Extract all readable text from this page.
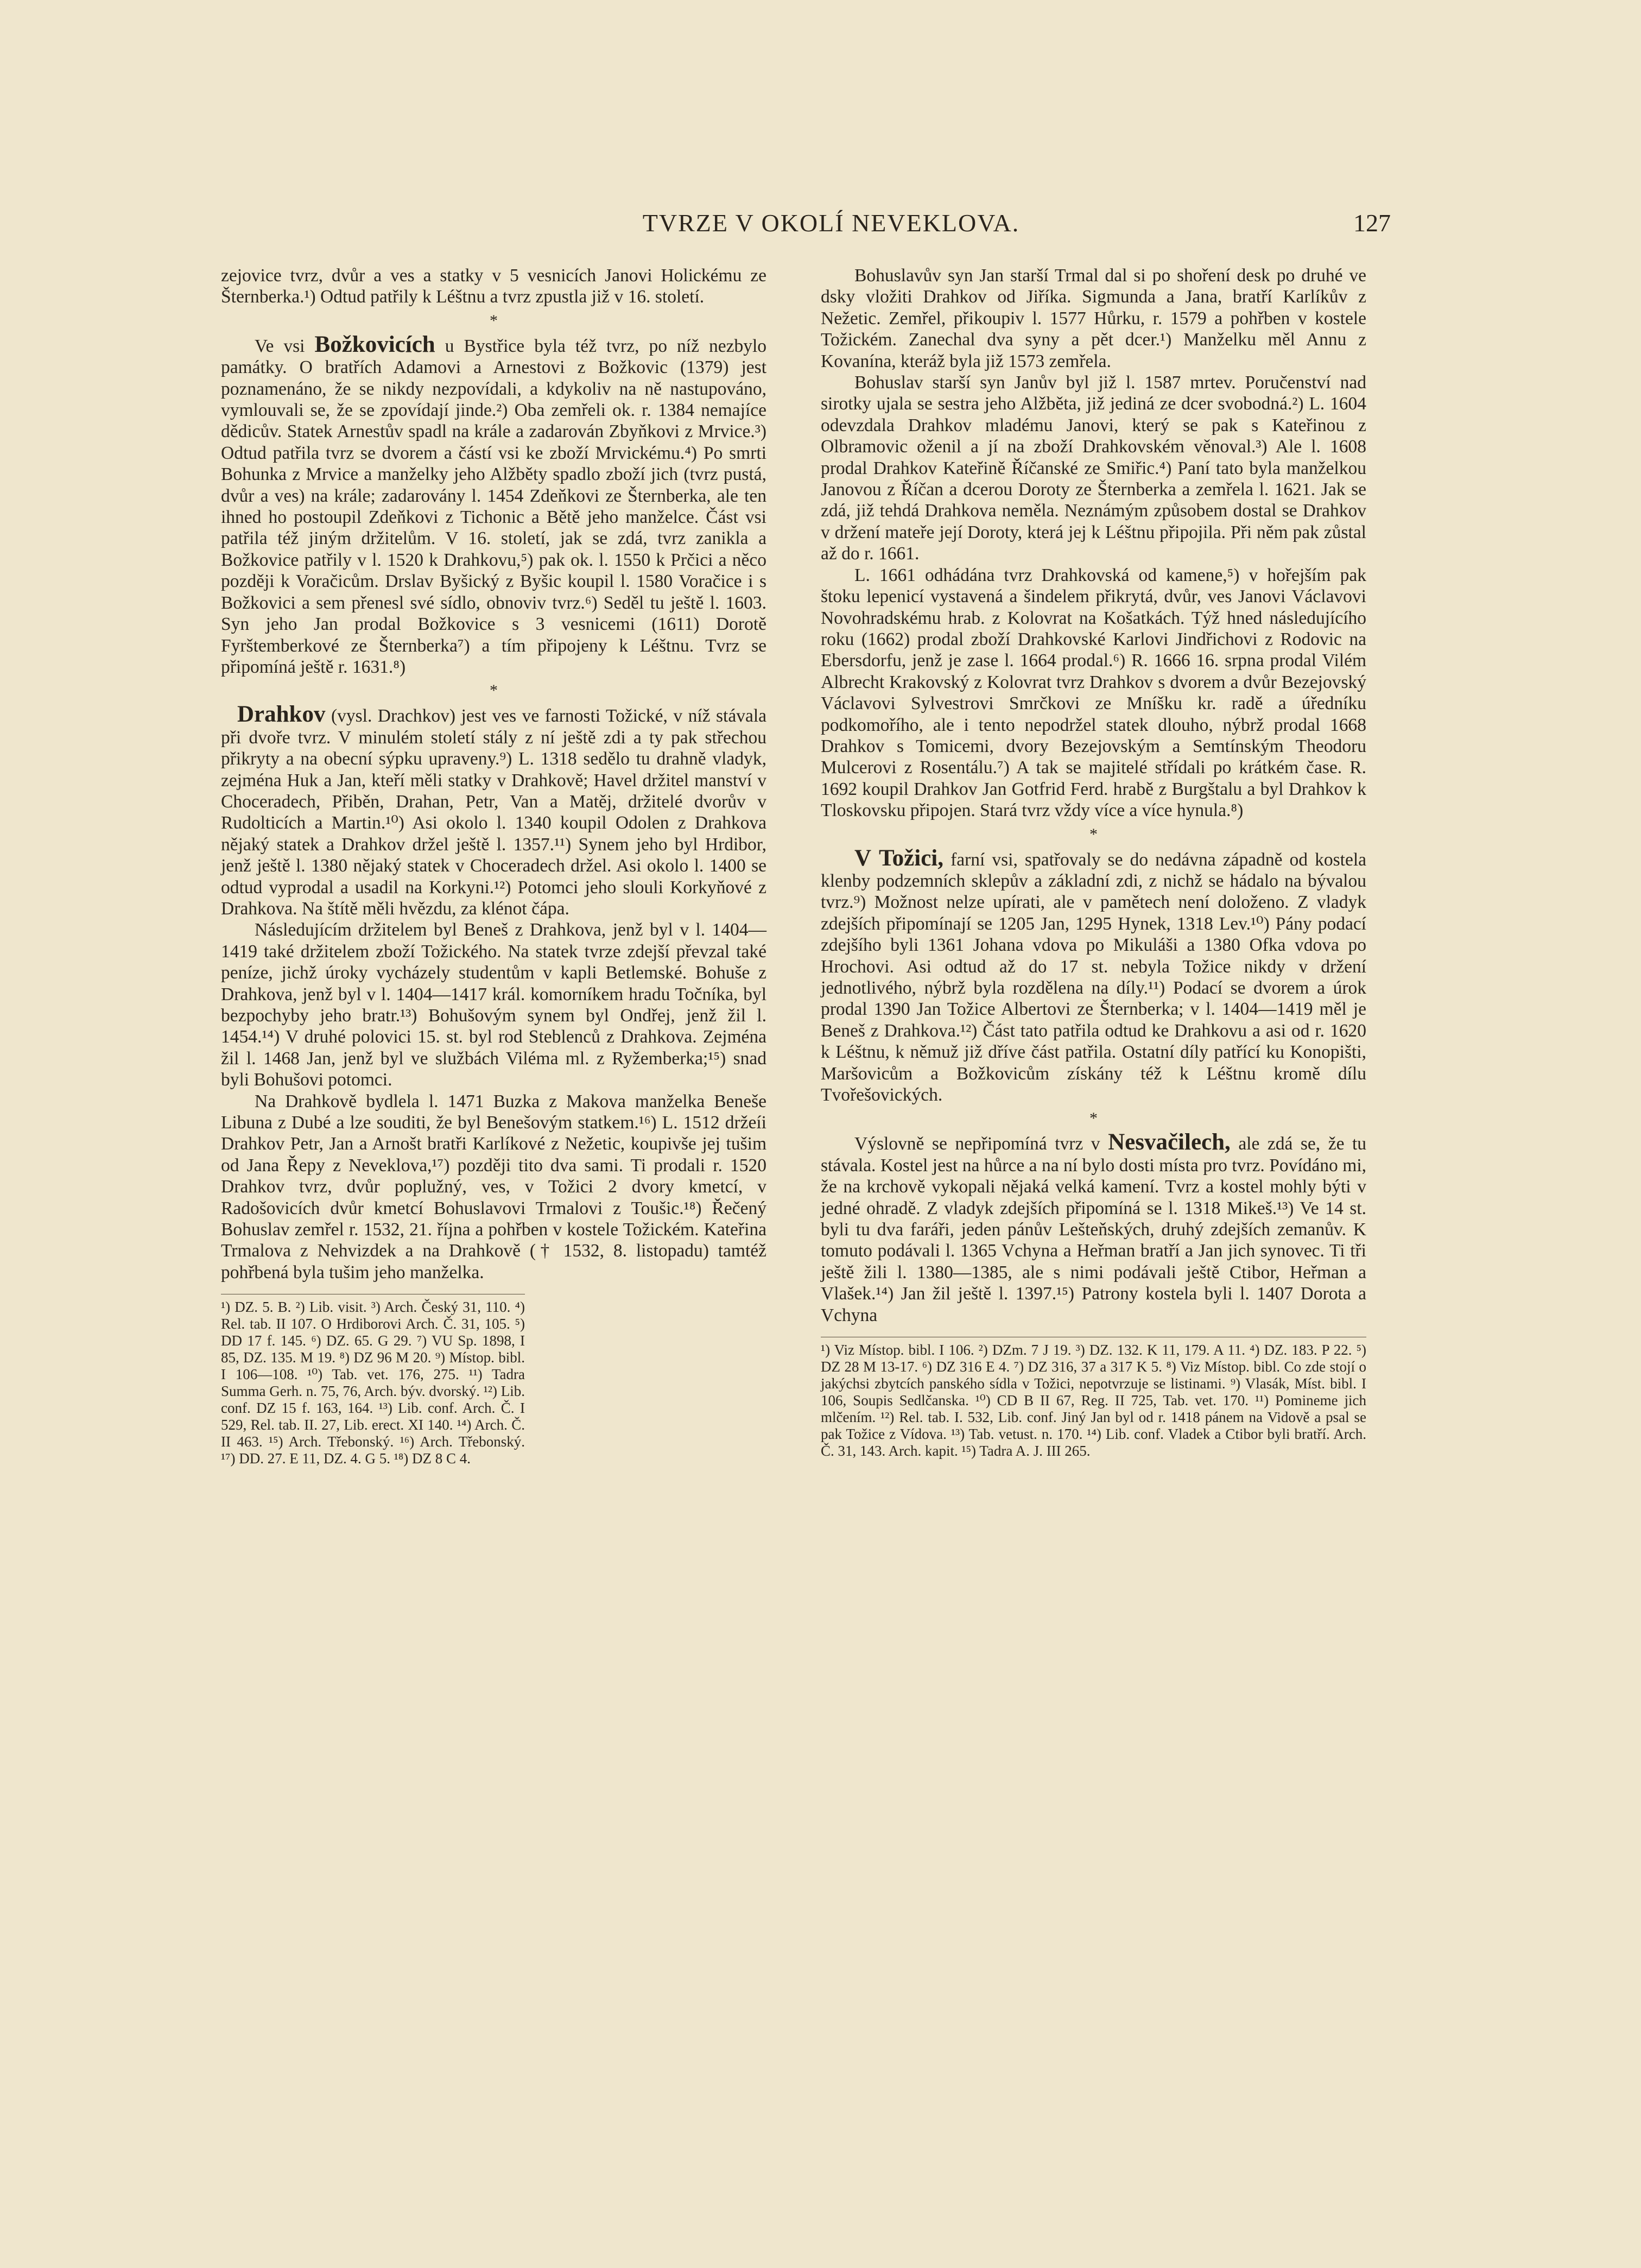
TVRZE V OKOLÍ NEVEKLOVA.	127

zejovice tvrz, dvůr a ves a statky v 5 vesnicích Janovi Holickému ze Šternberka.¹) Odtud patřily k Léštnu a tvrz zpustla již v 16. století.

*

Ve vsi Božkovicích u Bystřice byla též tvrz, po níž nezbylo památky. O bratřích Adamovi a Arnestovi z Božkovic (1379) jest poznamenáno, že se nikdy nezpovídali, a kdykoliv na ně nastupováno, vymlouvali se, že se zpovídají jinde.²) Oba zemřeli ok. r. 1384 nemajíce dědicův. Statek Arnestův spadl na krále a zadarován Zbyňkovi z Mrvice.³) Odtud patřila tvrz se dvorem a částí vsi ke zboží Mrvickému.⁴) Po smrti Bohunka z Mrvice a manželky jeho Alžběty spadlo zboží jich (tvrz pustá, dvůr a ves) na krále; zadarovány l. 1454 Zdeňkovi ze Šternberka, ale ten ihned ho postoupil Zdeňkovi z Tichonic a Bětě jeho manželce. Část vsi patřila též jiným držitelům. V 16. století, jak se zdá, tvrz zanikla a Božkovice patřily v l. 1520 k Drahkovu,⁵) pak ok. l. 1550 k Prčici a něco později k Voračicům. Drslav Byšický z Byšic koupil l. 1580 Voračice i s Božkovici a sem přenesl své sídlo, obnoviv tvrz.⁶) Seděl tu ještě l. 1603. Syn jeho Jan prodal Božkovice s 3 vesnicemi (1611) Dorotě Fyrštemberkové ze Šternberka⁷) a tím připojeny k Léštnu. Tvrz se připomíná ještě r. 1631.⁸)

*

Drahkov (vysl. Drachkov) jest ves ve farnosti Tožické, v níž stávala při dvoře tvrz. V minulém století stály z ní ještě zdi a ty pak střechou přikryty a na obecní sýpku upraveny.⁹) L. 1318 sedělo tu drahně vladyk, zejména Huk a Jan, kteří měli statky v Drahkově; Havel držitel manství v Choceradech, Přiběn, Drahan, Petr, Van a Matěj, držitelé dvorův v Rudolticích a Martin.¹⁰) Asi okolo l. 1340 koupil Odolen z Drahkova nějaký statek a Drahkov držel ještě l. 1357.¹¹) Synem jeho byl Hrdibor, jenž ještě l. 1380 nějaký statek v Choceradech držel. Asi okolo l. 1400 se odtud vyprodal a usadil na Korkyni.¹²) Potomci jeho slouli Korkyňové z Drahkova. Na štítě měli hvězdu, za klénot čápa.

Následujícím držitelem byl Beneš z Drahkova, jenž byl v l. 1404—1419 také držitelem zboží Tožického. Na statek tvrze zdejší převzal také peníze, jichž úroky vycházely studentům v kapli Betlemské. Bohuše z Drahkova, jenž byl v l. 1404—1417 král. komorníkem hradu Točníka, byl bezpochyby jeho bratr.¹³) Bohušovým synem byl Ondřej, jenž žil l. 1454.¹⁴) V druhé polovici 15. st. byl rod Steblenců z Drahkova. Zejména žil l. 1468 Jan, jenž byl ve službách Viléma ml. z Ryžemberka;¹⁵) snad byli Bohušovi potomci.

Na Drahkově bydlela l. 1471 Buzka z Makova manželka Beneše Libuna z Dubé a lze souditi, že byl Benešovým statkem.¹⁶) L. 1512 držeíi Drahkov Petr, Jan a Arnošt bratři Karlíkové z Nežetic, koupivše jej tušim od Jana Řepy z Neveklova,¹⁷) později tito dva sami. Ti prodali r. 1520 Drahkov tvrz, dvůr poplužný, ves, v Tožici 2 dvory kmetcí, v Radošovicích dvůr kmetcí Bohuslavovi Trmalovi z Toušic.¹⁸) Řečený Bohuslav zemřel r. 1532, 21. října a pohřben v kostele Tožickém. Kateřina Trmalova z Nehvizdek a na Drahkově († 1532, 8. listopadu) tamtéž pohřbená byla tušim jeho manželka.

¹) DZ. 5. B. ²) Lib. visit. ³) Arch. Český 31, 110. ⁴) Rel. tab. II 107. O Hrdiborovi Arch. Č. 31, 105. ⁵) DD 17 f. 145. ⁶) DZ. 65. G 29. ⁷) VU Sp. 1898, I 85, DZ. 135. M 19. ⁸) DZ 96 M 20. ⁹) Místop. bibl. I 106—108. ¹⁰) Tab. vet. 176, 275. ¹¹) Tadra Summa Gerh. n. 75, 76, Arch. býv. dvorský. ¹²) Lib. conf. DZ 15 f. 163, 164. ¹³) Lib. conf. Arch. Č. I 529, Rel. tab. II. 27, Lib. erect. XI 140. ¹⁴) Arch. Č. II 463. ¹⁵) Arch. Třebonský. ¹⁶) Arch. Třebonský. ¹⁷) DD. 27. E 11, DZ. 4. G 5. ¹⁸) DZ 8 C 4.

Bohuslavův syn Jan starší Trmal dal si po shoření desk po druhé ve dsky vložiti Drahkov od Jiříka. Sigmunda a Jana, bratří Karlíkův z Nežetic. Zemřel, přikoupiv l. 1577 Hůrku, r. 1579 a pohřben v kostele Tožickém. Zanechal dva syny a pět dcer.¹) Manželku měl Annu z Kovanína, kteráž byla již 1573 zemřela.

Bohuslav starší syn Janův byl již l. 1587 mrtev. Poručenství nad sirotky ujala se sestra jeho Alžběta, již jediná ze dcer svobodná.²) L. 1604 odevzdala Drahkov mladému Janovi, který se pak s Kateřinou z Olbramovic oženil a jí na zboží Drahkovském věnoval.³) Ale l. 1608 prodal Drahkov Kateřině Říčanské ze Smiřic.⁴) Paní tato byla manželkou Janovou z Říčan a dcerou Doroty ze Šternberka a zemřela l. 1621. Jak se zdá, již tehdá Drahkova neměla. Neznámým způsobem dostal se Drahkov v držení mateře její Doroty, která jej k Léštnu připojila. Při něm pak zůstal až do r. 1661.

L. 1661 odhádána tvrz Drahkovská od kamene,⁵) v hořejším pak štoku lepenicí vystavená a šindelem přikrytá, dvůr, ves Janovi Václavovi Novohradskému hrab. z Kolovrat na Košatkách. Týž hned následujícího roku (1662) prodal zboží Drahkovské Karlovi Jindřichovi z Rodovic na Ebersdorfu, jenž je zase l. 1664 prodal.⁶) R. 1666 16. srpna prodal Vilém Albrecht Krakovský z Kolovrat tvrz Drahkov s dvorem a dvůr Bezejovský Václavovi Sylvestrovi Smrčkovi ze Mníšku kr. radě a úředníku podkomořího, ale i tento nepodržel statek dlouho, nýbrž prodal 1668 Drahkov s Tomicemi, dvory Bezejovským a Semtínským Theodoru Mulcerovi z Rosentálu.⁷) A tak se majitelé střídali po krátkém čase. R. 1692 koupil Drahkov Jan Gotfrid Ferd. hrabě z Burgštalu a byl Drahkov k Tloskovsku připojen. Stará tvrz vždy více a více hynula.⁸)

*

V Tožici, farní vsi, spatřovaly se do nedávna západně od kostela klenby podzemních sklepův a základní zdi, z nichž se hádalo na bývalou tvrz.⁹) Možnost nelze upírati, ale v pamětech není doloženo. Z vladyk zdejších připomínají se 1205 Jan, 1295 Hynek, 1318 Lev.¹⁰) Pány podací zdejšího byli 1361 Johana vdova po Mikuláši a 1380 Ofka vdova po Hrochovi. Asi odtud až do 17 st. nebyla Tožice nikdy v držení jednotlivého, nýbrž byla rozdělena na díly.¹¹) Podací se dvorem a úrok prodal 1390 Jan Tožice Albertovi ze Šternberka; v l. 1404—1419 měl je Beneš z Drahkova.¹²) Část tato patřila odtud ke Drahkovu a asi od r. 1620 k Léštnu, k němuž již dříve část patřila. Ostatní díly patřící ku Konopišti, Maršovicům a Božkovicům získány též k Léštnu kromě dílu Tvořešovických.

*

Výslovně se nepřipomíná tvrz v Nesvačilech, ale zdá se, že tu stávala. Kostel jest na hůrce a na ní bylo dosti místa pro tvrz. Povídáno mi, že na krchově vykopali nějaká velká kamení. Tvrz a kostel mohly býti v jedné ohradě. Z vladyk zdejších připomíná se l. 1318 Mikeš.¹³) Ve 14 st. byli tu dva faráři, jeden pánův Lešteňských, druhý zdejších zemanův. K tomuto podávali l. 1365 Vchyna a Heřman bratří a Jan jich synovec. Ti tři ještě žili l. 1380—1385, ale s nimi podávali ještě Ctibor, Heřman a Vlašek.¹⁴) Jan žil ještě l. 1397.¹⁵) Patrony kostela byli l. 1407 Dorota a Vchyna

¹) Viz Místop. bibl. I 106. ²) DZm. 7 J 19. ³) DZ. 132. K 11, 179. A 11. ⁴) DZ. 183. P 22. ⁵) DZ 28 M 13-17. ⁶) DZ 316 E 4. ⁷) DZ 316, 37 a 317 K 5. ⁸) Viz Místop. bibl. Co zde stojí o jakýchsi zbytcích panského sídla v Tožici, nepotvrzuje se listinami. ⁹) Vlasák, Míst. bibl. I 106, Soupis Sedlčanska. ¹⁰) CD B II 67, Reg. II 725, Tab. vet. 170. ¹¹) Pomineme jich mlčením. ¹²) Rel. tab. I. 532, Lib. conf. Jiný Jan byl od r. 1418 pánem na Vidově a psal se pak Tožice z Vídova. ¹³) Tab. vetust. n. 170. ¹⁴) Lib. conf. Vladek a Ctibor byli bratří. Arch. Č. 31, 143. Arch. kapit. ¹⁵) Tadra A. J. III 265.
